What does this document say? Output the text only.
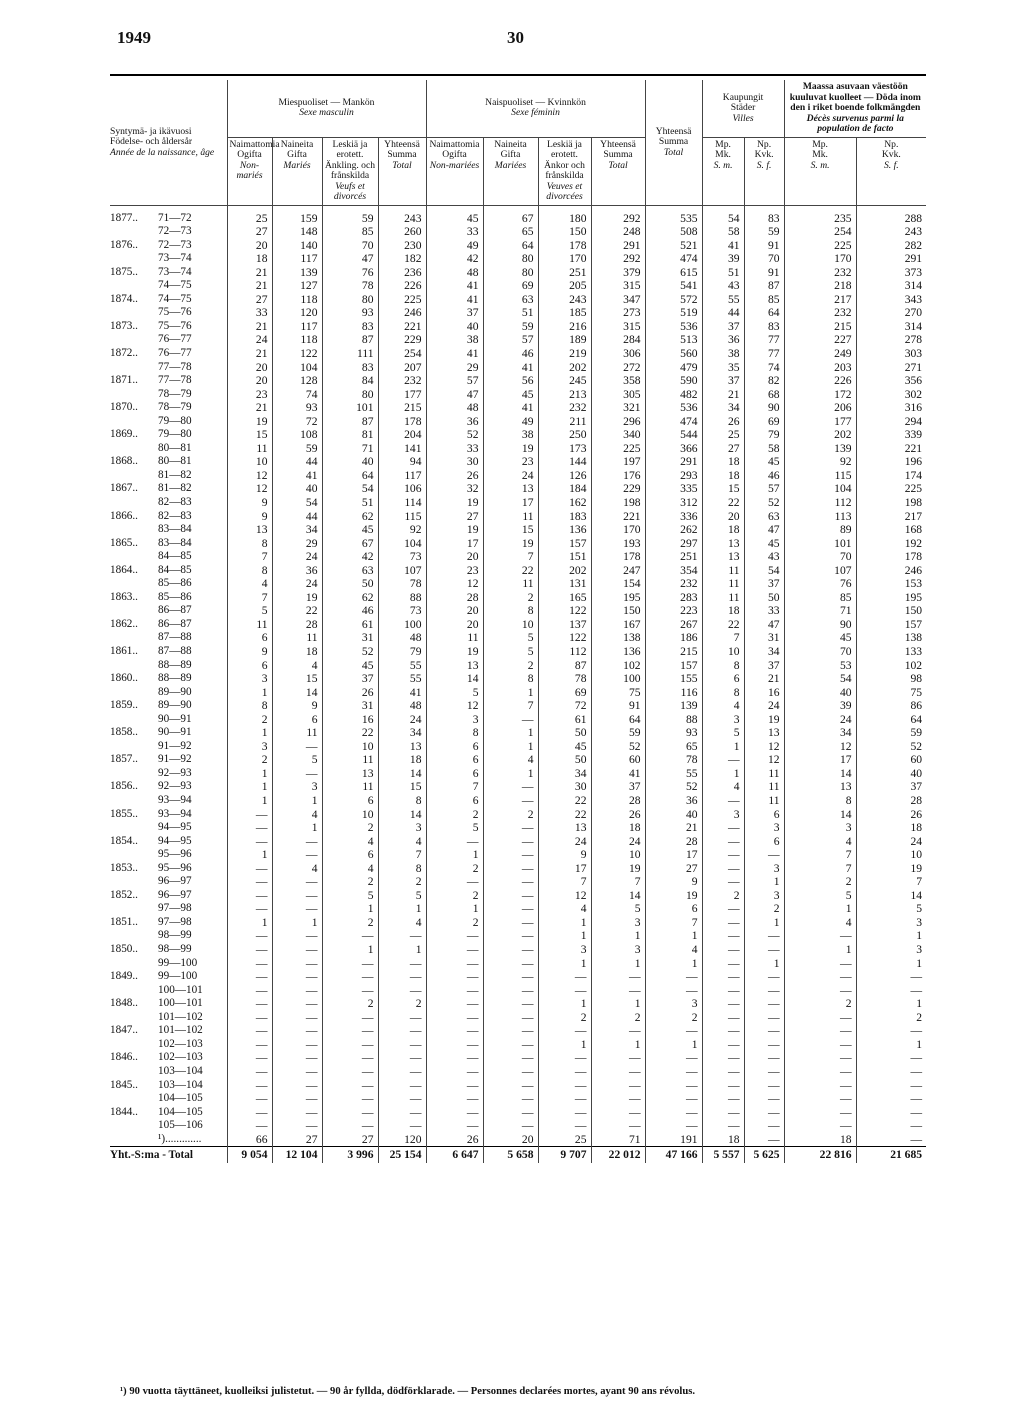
1949	30
Syntymä- ja ikävuosi
Födelse- och åldersår
Année de la naissance, âge	Miespuoliset — Mankön
Sexe masculin				Naispuoliset — Kvinnkön
Sexe féminin				Yhteensä
Summa
Total	Kaupungit
Städer
Villes		Maassa asuvaan väestöön kuuluvat kuolleet — Döda inom den i riket boende folkmängden
Décès survenus parmi la population de facto	
	Naimattomia
Ogifta
Non-mariés	Naineita
Gifta
Mariés	Leskiä ja erotett.
Änkling. och frånskilda
Veufs et divorcés	Yhteensä
Summa
Total	Naimattomia
Ogifta
Non-mariées	Naineita
Gifta
Mariées	Leskiä ja erotett.
Änkor och frånskilda
Veuves et divorcées	Yhteensä
Summa
Total		Mp.
Mk.
S. m.	Np.
Kvk.
S. f.	Mp.
Mk.
S. m.	Np.
Kvk.
S. f.
1877.. 71—72	25	159	59	243	45	67	180	292	535	54	83	235	288
72—73	27	148	85	260	33	65	150	248	508	58	59	254	243
1876.. 72—73	20	140	70	230	49	64	178	291	521	41	91	225	282
73—74	18	117	47	182	42	80	170	292	474	39	70	170	291
1875.. 73—74	21	139	76	236	48	80	251	379	615	51	91	232	373
74—75	21	127	78	226	41	69	205	315	541	43	87	218	314
1874.. 74—75	27	118	80	225	41	63	243	347	572	55	85	217	343
75—76	33	120	93	246	37	51	185	273	519	44	64	232	270
1873.. 75—76	21	117	83	221	40	59	216	315	536	37	83	215	314
76—77	24	118	87	229	38	57	189	284	513	36	77	227	278
1872.. 76—77	21	122	111	254	41	46	219	306	560	38	77	249	303
77—78	20	104	83	207	29	41	202	272	479	35	74	203	271
1871.. 77—78	20	128	84	232	57	56	245	358	590	37	82	226	356
78—79	23	74	80	177	47	45	213	305	482	21	68	172	302
1870.. 78—79	21	93	101	215	48	41	232	321	536	34	90	206	316
79—80	19	72	87	178	36	49	211	296	474	26	69	177	294
1869.. 79—80	15	108	81	204	52	38	250	340	544	25	79	202	339
80—81	11	59	71	141	33	19	173	225	366	27	58	139	221
1868.. 80—81	10	44	40	94	30	23	144	197	291	18	45	92	196
81—82	12	41	64	117	26	24	126	176	293	18	46	115	174
1867.. 81—82	12	40	54	106	32	13	184	229	335	15	57	104	225
82—83	9	54	51	114	19	17	162	198	312	22	52	112	198
1866.. 82—83	9	44	62	115	27	11	183	221	336	20	63	113	217
83—84	13	34	45	92	19	15	136	170	262	18	47	89	168
1865.. 83—84	8	29	67	104	17	19	157	193	297	13	45	101	192
84—85	7	24	42	73	20	7	151	178	251	13	43	70	178
1864.. 84—85	8	36	63	107	23	22	202	247	354	11	54	107	246
85—86	4	24	50	78	12	11	131	154	232	11	37	76	153
1863.. 85—86	7	19	62	88	28	2	165	195	283	11	50	85	195
86—87	5	22	46	73	20	8	122	150	223	18	33	71	150
1862.. 86—87	11	28	61	100	20	10	137	167	267	22	47	90	157
87—88	6	11	31	48	11	5	122	138	186	7	31	45	138
1861.. 87—88	9	18	52	79	19	5	112	136	215	10	34	70	133
88—89	6	4	45	55	13	2	87	102	157	8	37	53	102
1860.. 88—89	3	15	37	55	14	8	78	100	155	6	21	54	98
89—90	1	14	26	41	5	1	69	75	116	8	16	40	75
1859.. 89—90	8	9	31	48	12	7	72	91	139	4	24	39	86
90—91	2	6	16	24	3	—	61	64	88	3	19	24	64
1858.. 90—91	1	11	22	34	8	1	50	59	93	5	13	34	59
91—92	3	—	10	13	6	1	45	52	65	1	12	12	52
1857.. 91—92	2	5	11	18	6	4	50	60	78	—	12	17	60
92—93	1	—	13	14	6	1	34	41	55	1	11	14	40
1856.. 92—93	1	3	11	15	7	—	30	37	52	4	11	13	37
93—94	1	1	6	8	6	—	22	28	36	—	11	8	28
1855.. 93—94	—	4	10	14	2	2	22	26	40	3	6	14	26
94—95	—	1	2	3	5	—	13	18	21	—	3	3	18
1854.. 94—95	—	—	4	4	—	—	24	24	28	—	6	4	24
95—96	1	—	6	7	1	—	9	10	17	—	—	7	10
1853.. 95—96	—	4	4	8	2	—	17	19	27	—	3	7	19
96—97	—	—	2	2	—	—	7	7	9	—	1	2	7
1852.. 96—97	—	—	5	5	2	—	12	14	19	2	3	5	14
97—98	—	—	1	1	1	—	4	5	6	—	2	1	5
1851.. 97—98	1	1	2	4	2	—	1	3	7	—	1	4	3
98—99	—	—	—	—	—	—	1	1	1	—	—	—	1
1850.. 98—99	—	—	1	1	—	—	3	3	4	—	—	1	3
99—100	—	—	—	—	—	—	1	1	1	—	1	—	1
1849.. 99—100	—	—	—	—	—	—	—	—	—	—	—	—	—
100—101	—	—	—	—	—	—	—	—	—	—	—	—	—
1848.. 100—101	—	—	2	2	—	—	1	1	3	—	—	2	1
101—102	—	—	—	—	—	—	2	2	2	—	—	—	2
1847.. 101—102	—	—	—	—	—	—	—	—	—	—	—	—	—
102—103	—	—	—	—	—	—	1	1	1	—	—	—	1
1846.. 102—103	—	—	—	—	—	—	—	—	—	—	—	—	—
103—104	—	—	—	—	—	—	—	—	—	—	—	—	—
1845.. 103—104	—	—	—	—	—	—	—	—	—	—	—	—	—
104—105	—	—	—	—	—	—	—	—	—	—	—	—	—
1844.. 104—105	—	—	—	—	—	—	—	—	—	—	—	—	—
105—106	—	—	—	—	—	—	—	—	—	—	—	—	—
¹).............	66	27	27	120	26	20	25	71	191	18	—	18	—
Yht.-S:ma - Total	9 054	12 104	3 996	25 154	6 647	5 658	9 707	22 012	47 166	5 557	5 625	22 816	21 685
¹) 90 vuotta täyttäneet, kuolleiksi julistetut. — 90 år fyllda, dödförklarade. — Personnes declarées mortes, ayant 90 ans révolus.
